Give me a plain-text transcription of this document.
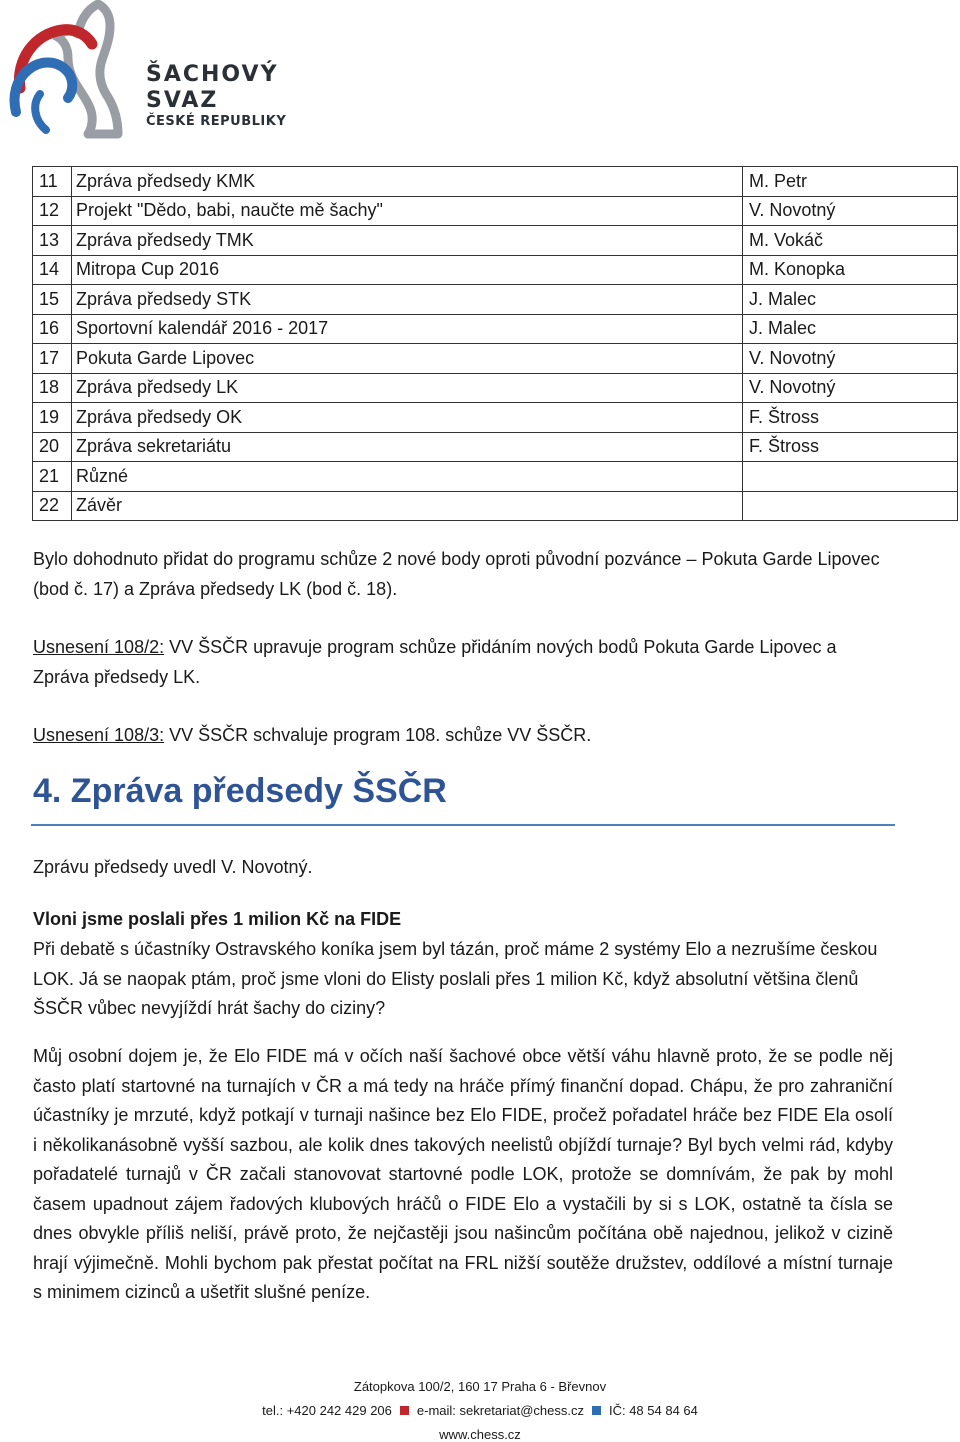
ŠACHOVÝ
SVAZ
ČESKÉ REPUBLIKY
11	Zpráva předsedy KMK	M. Petr
12	Projekt "Dědo, babi, naučte mě šachy"	V. Novotný
13	Zpráva předsedy TMK	M. Vokáč
14	Mitropa Cup 2016	M. Konopka
15	Zpráva předsedy STK	J. Malec
16	Sportovní kalendář 2016 - 2017	J. Malec
17	Pokuta Garde Lipovec	V. Novotný
18	Zpráva předsedy LK	V. Novotný
19	Zpráva předsedy OK	F. Štross
20	Zpráva sekretariátu	F. Štross
21	Různé	
22	Závěr	
Bylo dohodnuto přidat do programu schůze 2 nové body oproti původní pozvánce – Pokuta Garde Lipovec (bod č. 17) a Zpráva předsedy LK (bod č. 18).
Usnesení 108/2: VV ŠSČR upravuje program schůze přidáním nových bodů Pokuta Garde Lipovec a Zpráva předsedy LK.
Usnesení 108/3: VV ŠSČR schvaluje program 108. schůze VV ŠSČR.
4. Zpráva předsedy ŠSČR
Zprávu předsedy uvedl V. Novotný.
Vloni jsme poslali přes 1 milion Kč na FIDE
Při debatě s účastníky Ostravského koníka jsem byl tázán, proč máme 2 systémy Elo a nezrušíme českou LOK. Já se naopak ptám, proč jsme vloni do Elisty poslali přes 1 milion Kč, když absolutní většina členů ŠSČR vůbec nevyjíždí hrát šachy do ciziny?
Můj osobní dojem je, že Elo FIDE má v očích naší šachové obce větší váhu hlavně proto, že se podle něj často platí startovné na turnajích v ČR a má tedy na hráče přímý finanční dopad. Chápu, že pro zahraniční účastníky je mrzuté, když potkají v turnaji našince bez Elo FIDE, pročež pořadatel hráče bez FIDE Ela osolí i několikanásobně vyšší sazbou, ale kolik dnes takových neelistů objíždí turnaje? Byl bych velmi rád, kdyby pořadatelé turnajů v ČR začali stanovovat startovné podle LOK, protože se domnívám, že pak by mohl časem upadnout zájem řadových klubových hráčů o FIDE Elo a vystačili by si s LOK, ostatně ta čísla se dnes obvykle příliš neliší, právě proto, že nejčastěji jsou našincům počítána obě najednou, jelikož v cizině hrají výjimečně. Mohli bychom pak přestat počítat na FRL nižší soutěže družstev, oddílové a místní turnaje s minimem cizinců a ušetřit slušné peníze.
Zátopkova 100/2, 160 17 Praha 6 - Břevnov
tel.: +420 242 429 206 e-mail: sekretariat@chess.cz IČ: 48 54 84 64
www.chess.cz
